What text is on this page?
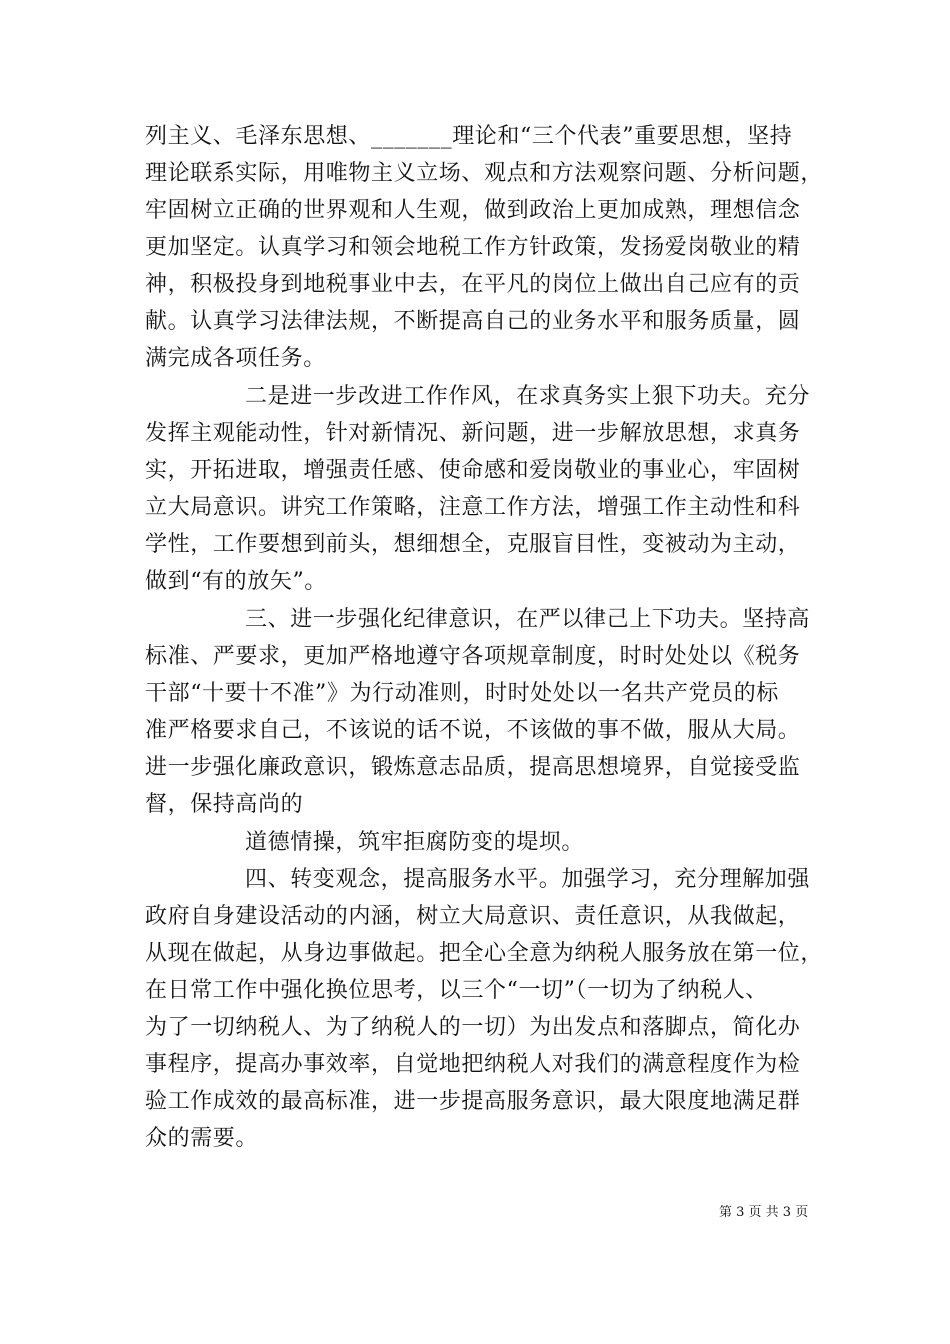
列主义、毛泽东思想、_______理论和“三个代表”重要思想，坚持
理论联系实际，用唯物主义立场、观点和方法观察问题、分析问题，
牢固树立正确的世界观和人生观，做到政治上更加成熟，理想信念
更加坚定。认真学习和领会地税工作方针政策，发扬爱岗敬业的精
神，积极投身到地税事业中去，在平凡的岗位上做出自己应有的贡
献。认真学习法律法规，不断提高自己的业务水平和服务质量，圆
满完成各项任务。
二是进一步改进工作作风，在求真务实上狠下功夫。充分
发挥主观能动性，针对新情况、新问题，进一步解放思想，求真务
实，开拓进取，增强责任感、使命感和爱岗敬业的事业心，牢固树
立大局意识。讲究工作策略，注意工作方法，增强工作主动性和科
学性，工作要想到前头，想细想全，克服盲目性，变被动为主动，
做到“有的放矢”。
三、进一步强化纪律意识，在严以律己上下功夫。坚持高
标准、严要求，更加严格地遵守各项规章制度，时时处处以《税务
干部“十要十不准”》为行动准则，时时处处以一名共产党员的标
准严格要求自己，不该说的话不说，不该做的事不做，服从大局。
进一步强化廉政意识，锻炼意志品质，提高思想境界，自觉接受监
督，保持高尚的
道德情操，筑牢拒腐防变的堤坝。
四、转变观念，提高服务水平。加强学习，充分理解加强
政府自身建设活动的内涵，树立大局意识、责任意识，从我做起，
从现在做起，从身边事做起。把全心全意为纳税人服务放在第一位，
在日常工作中强化换位思考，以三个“一切”（一切为了纳税人、
为了一切纳税人、为了纳税人的一切）为出发点和落脚点，简化办
事程序，提高办事效率，自觉地把纳税人对我们的满意程度作为检
验工作成效的最高标准，进一步提高服务意识，最大限度地满足群
众的需要。
第 3 页 共 3 页
